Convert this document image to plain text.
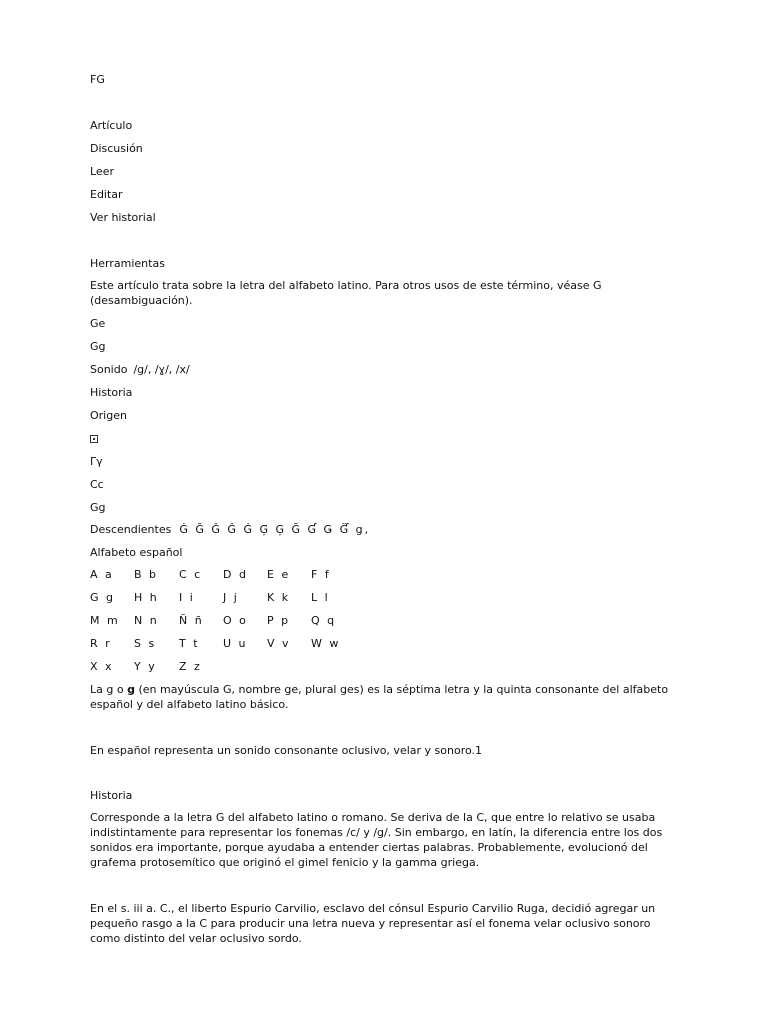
FG
Artículo
Discusión
Leer
Editar
Ver historial
Herramientas
Este artículo trata sobre la letra del alfabeto latino. Para otros usos de este término, véase G (desambiguación).
Ge
Gg
Sonido /g/, /ɣ/, /x/
Historia
Origen
Γγ
Cc
Gg
Descendientes Ǵ Ğ Ǧ Ĝ Ġ Ģ̈ Ģ Ḡ Ɠ Ǥ Ɠ̈ g,
Alfabeto español
A a B b C c D d E e F f
G g H h I i	J j	K k L l
M m N n Ñ ñ O o P p Q q
R r S s T t U u V v W w
X x Y y Z z
La g o g (en mayúscula G, nombre ge, plural ges) es la séptima letra y la quinta consonante del alfabeto español y del alfabeto latino básico.
En español representa un sonido consonante oclusivo, velar y sonoro.1
Historia
Corresponde a la letra G del alfabeto latino o romano. Se deriva de la C, que entre lo relativo se usaba indistintamente para representar los fonemas /c/ y /g/. Sin embargo, en latín, la diferencia entre los dos sonidos era importante, porque ayudaba a entender ciertas palabras. Probablemente, evolucionó del grafema protosemítico que originó el gimel fenicio y la gamma griega.
En el s. iii a. C., el liberto Espurio Carvilio, esclavo del cónsul Espurio Carvilio Ruga, decidió agregar un pequeño rasgo a la C para producir una letra nueva y representar así el fonema velar oclusivo sonoro como distinto del velar oclusivo sordo.
